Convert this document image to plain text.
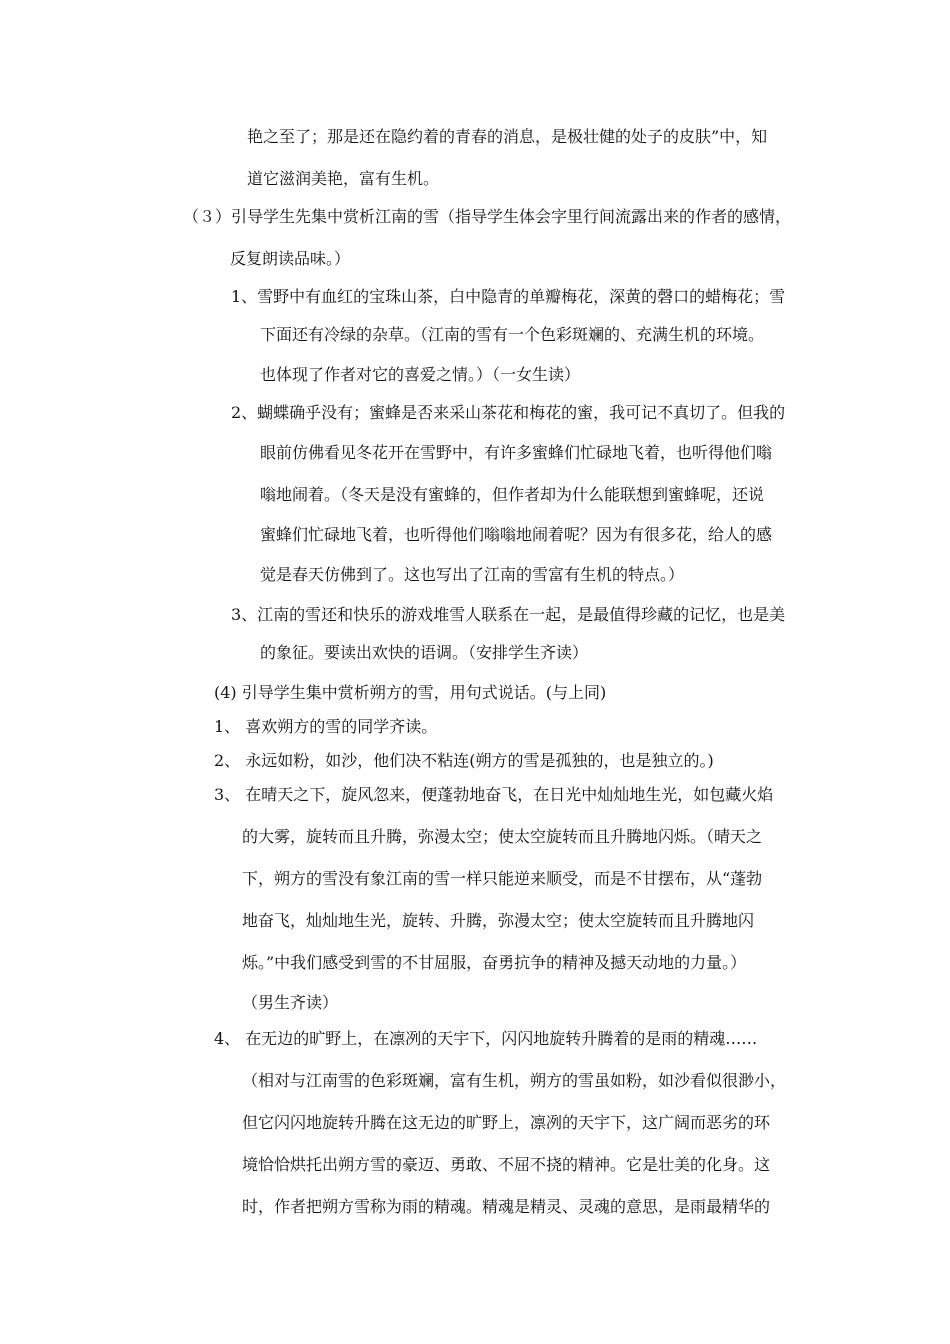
艳之至了；那是还在隐约着的青春的消息，是极壮健的处子的皮肤”中，知
道它滋润美艳，富有生机。
（３）引导学生先集中赏析江南的雪（指导学生体会字里行间流露出来的作者的感情，
反复朗读品味。）
1、雪野中有血红的宝珠山茶，白中隐青的单瓣梅花，深黄的磬口的蜡梅花；雪
下面还有冷绿的杂草。（江南的雪有一个色彩斑斓的、充满生机的环境。
也体现了作者对它的喜爱之情。）（一女生读）
2、蝴蝶确乎没有；蜜蜂是否来采山茶花和梅花的蜜，我可记不真切了。但我的
眼前仿佛看见冬花开在雪野中，有许多蜜蜂们忙碌地飞着，也听得他们嗡
嗡地闹着。（冬天是没有蜜蜂的，但作者却为什么能联想到蜜蜂呢，还说
蜜蜂们忙碌地飞着，也听得他们嗡嗡地闹着呢？因为有很多花，给人的感
觉是春天仿佛到了。这也写出了江南的雪富有生机的特点。）
3、江南的雪还和快乐的游戏堆雪人联系在一起，是最值得珍藏的记忆，也是美
的象征。要读出欢快的语调。（安排学生齐读）
(4) 引导学生集中赏析朔方的雪，用句式说话。(与上同)
1、 喜欢朔方的雪的同学齐读。
2、 永远如粉，如沙，他们决不粘连(朔方的雪是孤独的，也是独立的。)
3、 在晴天之下，旋风忽来，便蓬勃地奋飞，在日光中灿灿地生光，如包藏火焰
的大雾，旋转而且升腾，弥漫太空；使太空旋转而且升腾地闪烁。（晴天之
下，朔方的雪没有象江南的雪一样只能逆来顺受，而是不甘摆布，从“蓬勃
地奋飞，灿灿地生光，旋转、升腾，弥漫太空；使太空旋转而且升腾地闪
烁。”中我们感受到雪的不甘屈服，奋勇抗争的精神及撼天动地的力量。）
（男生齐读）
4、 在无边的旷野上，在凛冽的天宇下，闪闪地旋转升腾着的是雨的精魂……
（相对与江南雪的色彩斑斓，富有生机，朔方的雪虽如粉，如沙看似很渺小，
但它闪闪地旋转升腾在这无边的旷野上，凛冽的天宇下，这广阔而恶劣的环
境恰恰烘托出朔方雪的豪迈、勇敢、不屈不挠的精神。它是壮美的化身。这
时，作者把朔方雪称为雨的精魂。精魂是精灵、灵魂的意思，是雨最精华的
